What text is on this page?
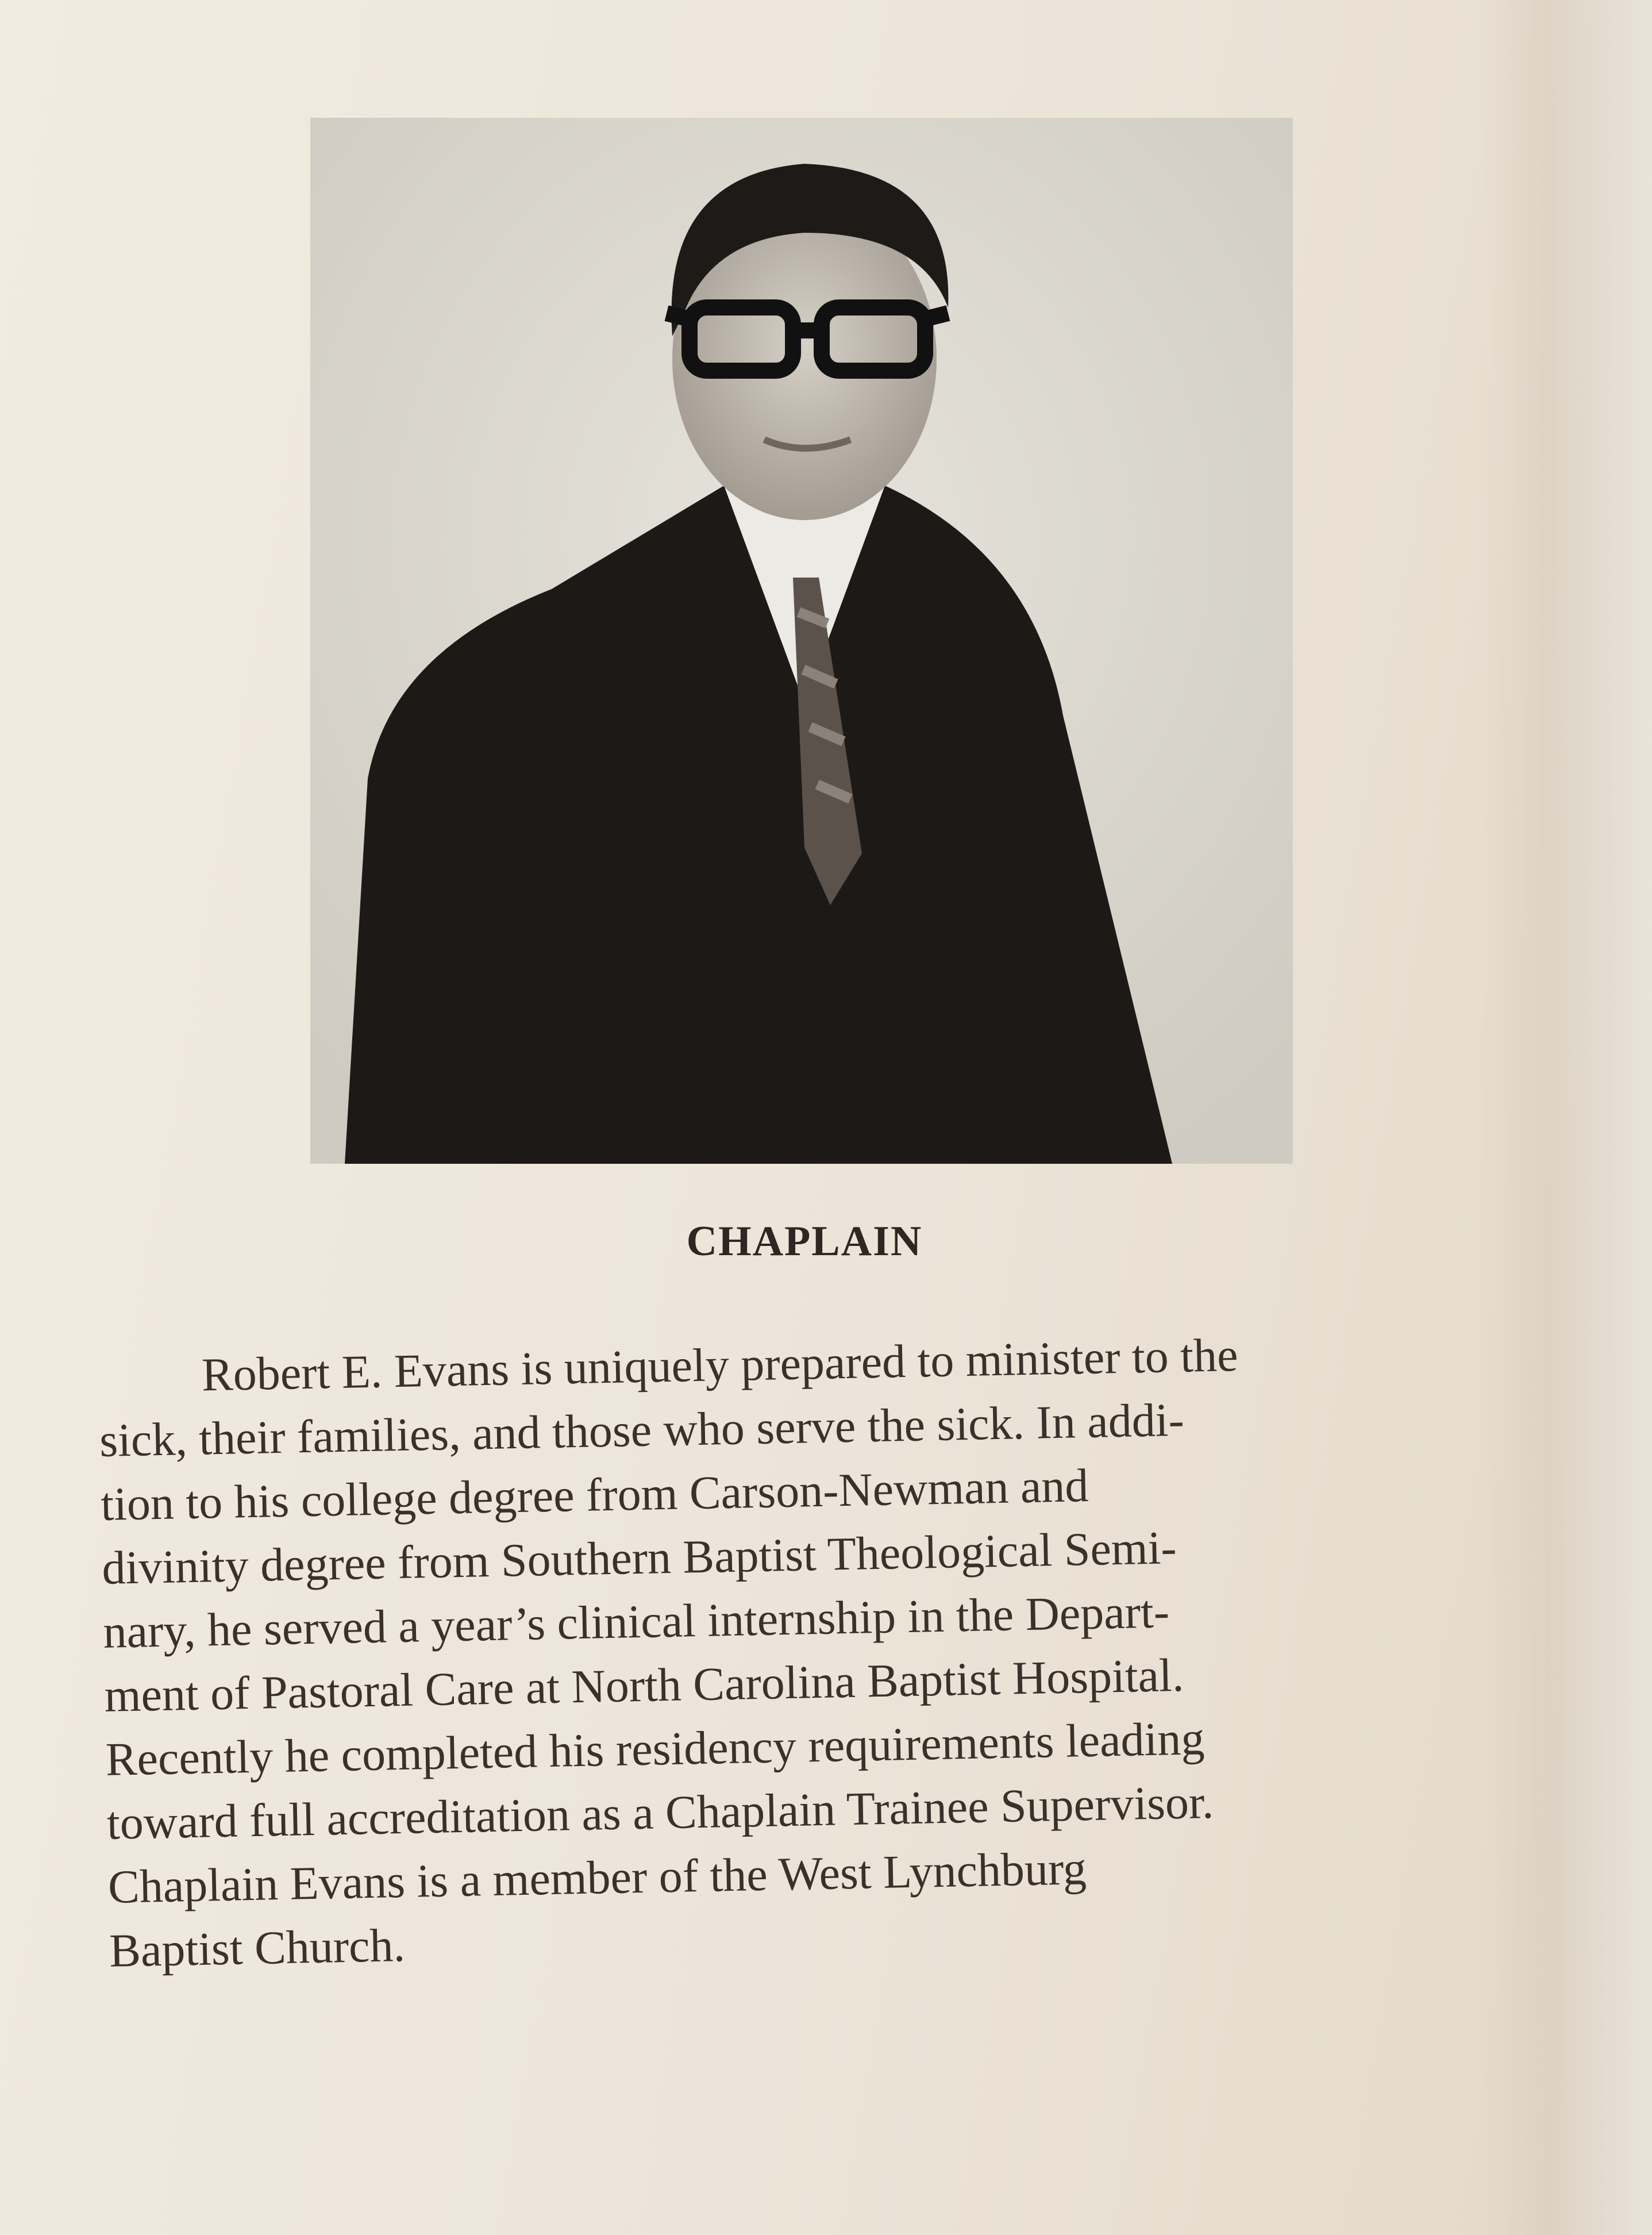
CHAPLAIN
Robert E. Evans is uniquely prepared to minister to the
sick, their families, and those who serve the sick. In addi-
tion to his college degree from Carson-Newman and
divinity degree from Southern Baptist Theological Semi-
nary, he served a year’s clinical internship in the Depart-
ment of Pastoral Care at North Carolina Baptist Hospital.
Recently he completed his residency requirements leading
toward full accreditation as a Chaplain Trainee Supervisor.
Chaplain Evans is a member of the West Lynchburg
Baptist Church.
